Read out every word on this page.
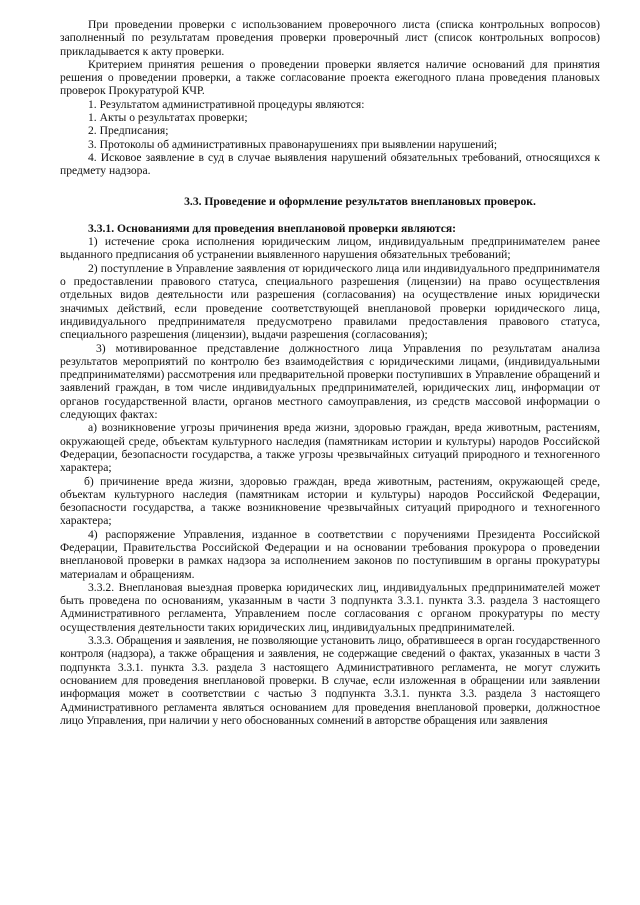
При проведении проверки с использованием проверочного листа (списка контрольных вопросов) заполненный по результатам проведения проверки проверочный лист (список контрольных вопросов) прикладывается к акту проверки.

Критерием принятия решения о проведении проверки является наличие оснований для принятия решения о проведении проверки, а также согласование проекта ежегодного плана проведения плановых проверок Прокуратурой КЧР.

1. Результатом административной процедуры являются:

1. Акты о результатах проверки;

2. Предписания;

3. Протоколы об административных правонарушениях при выявлении нарушений;

4. Исковое заявление в суд в случае выявления нарушений обязательных требований, относящихся к предмету надзора.

3.3. Проведение и оформление результатов внеплановых проверок.

3.3.1. Основаниями для проведения внеплановой проверки являются:

1) истечение срока исполнения юридическим лицом, индивидуальным предпринимателем ранее выданного предписания об устранении выявленного нарушения обязательных требований;

2) поступление в Управление заявления от юридического лица или индивидуального предпринимателя о предоставлении правового статуса, специального разрешения (лицензии) на право осуществления отдельных видов деятельности или разрешения (согласования) на осуществление иных юридически значимых действий, если проведение соответствующей внеплановой проверки юридического лица, индивидуального предпринимателя предусмотрено правилами предоставления правового статуса, специального разрешения (лицензии), выдачи разрешения (согласования);

3) мотивированное представление должностного лица Управления по результатам анализа результатов мероприятий по контролю без взаимодействия с юридическими лицами, (индивидуальными предпринимателями) рассмотрения или предварительной проверки поступивших в Управление обращений и заявлений граждан, в том числе индивидуальных предпринимателей, юридических лиц, информации от органов государственной власти, органов местного самоуправления, из средств массовой информации о следующих фактах:

а) возникновение угрозы причинения вреда жизни, здоровью граждан, вреда животным, растениям, окружающей среде, объектам культурного наследия (памятникам истории и культуры) народов Российской Федерации, безопасности государства, а также угрозы чрезвычайных ситуаций природного и техногенного характера;

б) причинение вреда жизни, здоровью граждан, вреда животным, растениям, окружающей среде, объектам культурного наследия (памятникам истории и культуры) народов Российской Федерации, безопасности государства, а также возникновение чрезвычайных ситуаций природного и техногенного характера;

4) распоряжение Управления, изданное в соответствии с поручениями Президента Российской Федерации, Правительства Российской Федерации и на основании требования прокурора о проведении внеплановой проверки в рамках надзора за исполнением законов по поступившим в органы прокуратуры материалам и обращениям.

3.3.2. Внеплановая выездная проверка юридических лиц, индивидуальных предпринимателей может быть проведена по основаниям, указанным в части 3 подпункта 3.3.1. пункта 3.3. раздела 3 настоящего Административного регламента, Управлением после согласования с органом прокуратуры по месту осуществления деятельности таких юридических лиц, индивидуальных предпринимателей.

3.3.3. Обращения и заявления, не позволяющие установить лицо, обратившееся в орган государственного контроля (надзора), а также обращения и заявления, не содержащие сведений о фактах, указанных в части 3 подпункта 3.3.1. пункта 3.3. раздела 3 настоящего Административного регламента, не могут служить основанием для проведения внеплановой проверки. В случае, если изложенная в обращении или заявлении информация может в соответствии с частью 3 подпункта 3.3.1. пункта 3.3. раздела 3 настоящего Административного регламента являться основанием для проведения внеплановой проверки, должностное лицо Управления, при наличии у него обоснованных сомнений в авторстве обращения или заявления
